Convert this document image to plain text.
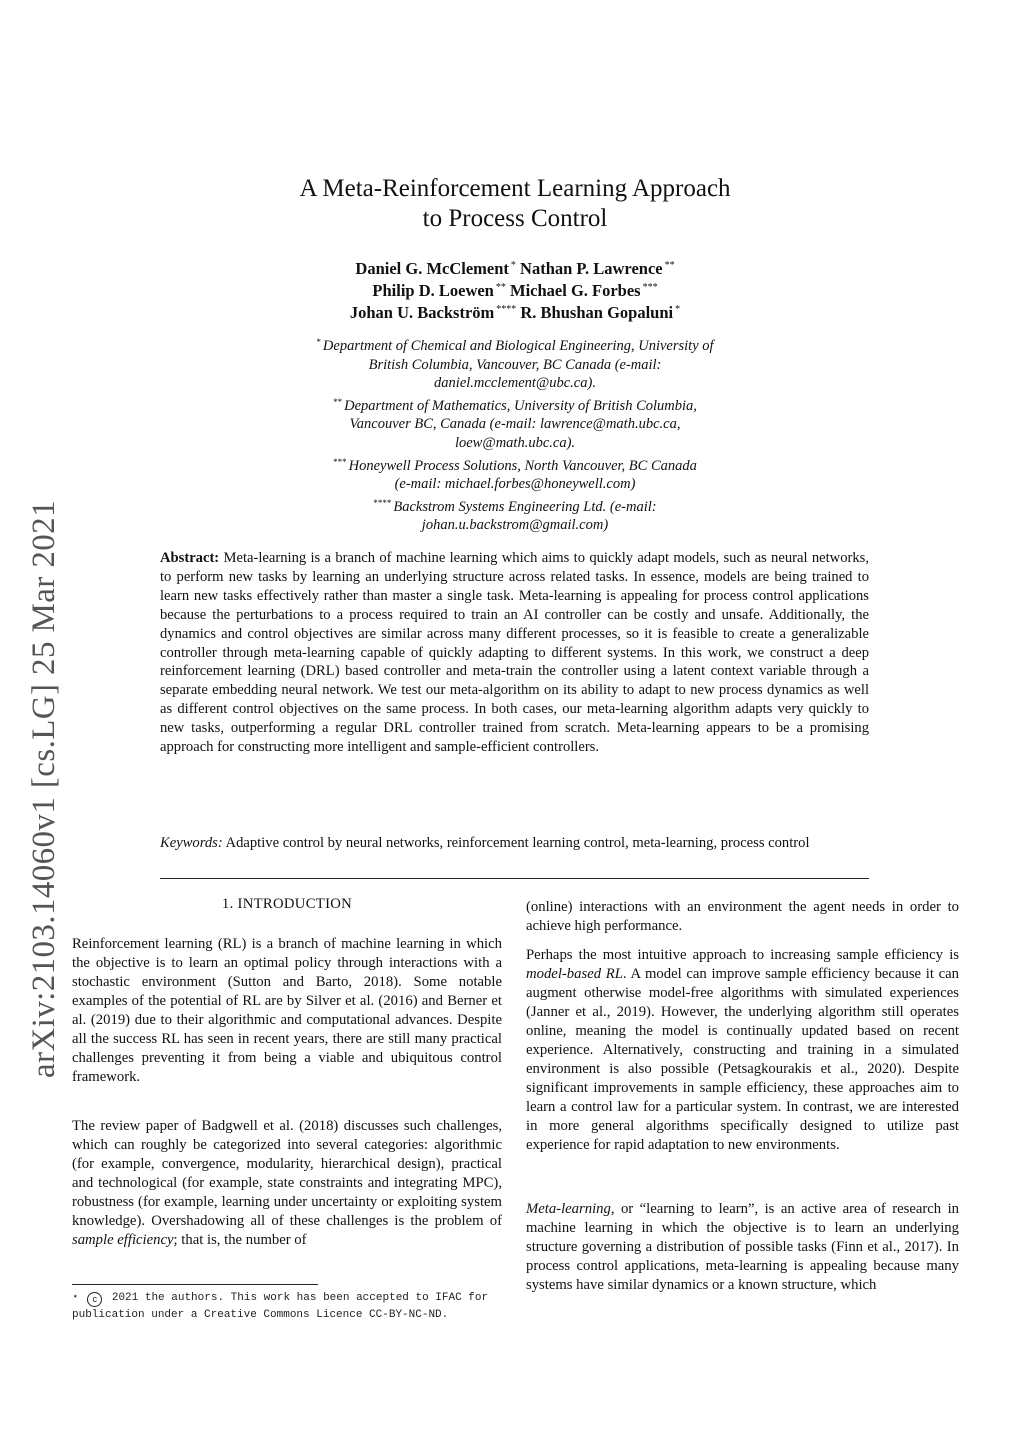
arXiv:2103.14060v1 [cs.LG] 25 Mar 2021
A Meta-Reinforcement Learning Approach
to Process Control
Daniel G. McClement * Nathan P. Lawrence **
Philip D. Loewen ** Michael G. Forbes ***
Johan U. Backström **** R. Bhushan Gopaluni *
* Department of Chemical and Biological Engineering, University of
British Columbia, Vancouver, BC Canada (e-mail:
daniel.mcclement@ubc.ca).
** Department of Mathematics, University of British Columbia,
Vancouver BC, Canada (e-mail: lawrence@math.ubc.ca,
loew@math.ubc.ca).
*** Honeywell Process Solutions, North Vancouver, BC Canada
(e-mail: michael.forbes@honeywell.com)
**** Backstrom Systems Engineering Ltd. (e-mail:
johan.u.backstrom@gmail.com)
Abstract: Meta-learning is a branch of machine learning which aims to quickly adapt models, such as neural networks, to perform new tasks by learning an underlying structure across related tasks. In essence, models are being trained to learn new tasks effectively rather than master a single task. Meta-learning is appealing for process control applications because the perturbations to a process required to train an AI controller can be costly and unsafe. Additionally, the dynamics and control objectives are similar across many different processes, so it is feasible to create a generalizable controller through meta-learning capable of quickly adapting to different systems. In this work, we construct a deep reinforcement learning (DRL) based controller and meta-train the controller using a latent context variable through a separate embedding neural network. We test our meta-algorithm on its ability to adapt to new process dynamics as well as different control objectives on the same process. In both cases, our meta-learning algorithm adapts very quickly to new tasks, outperforming a regular DRL controller trained from scratch. Meta-learning appears to be a promising approach for constructing more intelligent and sample-efficient controllers.
Keywords: Adaptive control by neural networks, reinforcement learning control, meta-learning, process control
1. INTRODUCTION
Reinforcement learning (RL) is a branch of machine learning in which the objective is to learn an optimal policy through interactions with a stochastic environment (Sutton and Barto, 2018). Some notable examples of the potential of RL are by Silver et al. (2016) and Berner et al. (2019) due to their algorithmic and computational advances. Despite all the success RL has seen in recent years, there are still many practical challenges preventing it from being a viable and ubiquitous control framework.
The review paper of Badgwell et al. (2018) discusses such challenges, which can roughly be categorized into several categories: algorithmic (for example, convergence, modularity, hierarchical design), practical and technological (for example, state constraints and integrating MPC), robustness (for example, learning under uncertainty or exploiting system knowledge). Overshadowing all of these challenges is the problem of sample efficiency; that is, the number of
⋆ c 2021 the authors. This work has been accepted to IFAC for publication under a Creative Commons Licence CC-BY-NC-ND.
(online) interactions with an environment the agent needs in order to achieve high performance.
Perhaps the most intuitive approach to increasing sample efficiency is model-based RL. A model can improve sample efficiency because it can augment otherwise model-free algorithms with simulated experiences (Janner et al., 2019). However, the underlying algorithm still operates online, meaning the model is continually updated based on recent experience. Alternatively, constructing and training in a simulated environment is also possible (Petsagkourakis et al., 2020). Despite significant improvements in sample efficiency, these approaches aim to learn a control law for a particular system. In contrast, we are interested in more general algorithms specifically designed to utilize past experience for rapid adaptation to new environments.
Meta-learning, or “learning to learn”, is an active area of research in machine learning in which the objective is to learn an underlying structure governing a distribution of possible tasks (Finn et al., 2017). In process control applications, meta-learning is appealing because many systems have similar dynamics or a known structure, which
